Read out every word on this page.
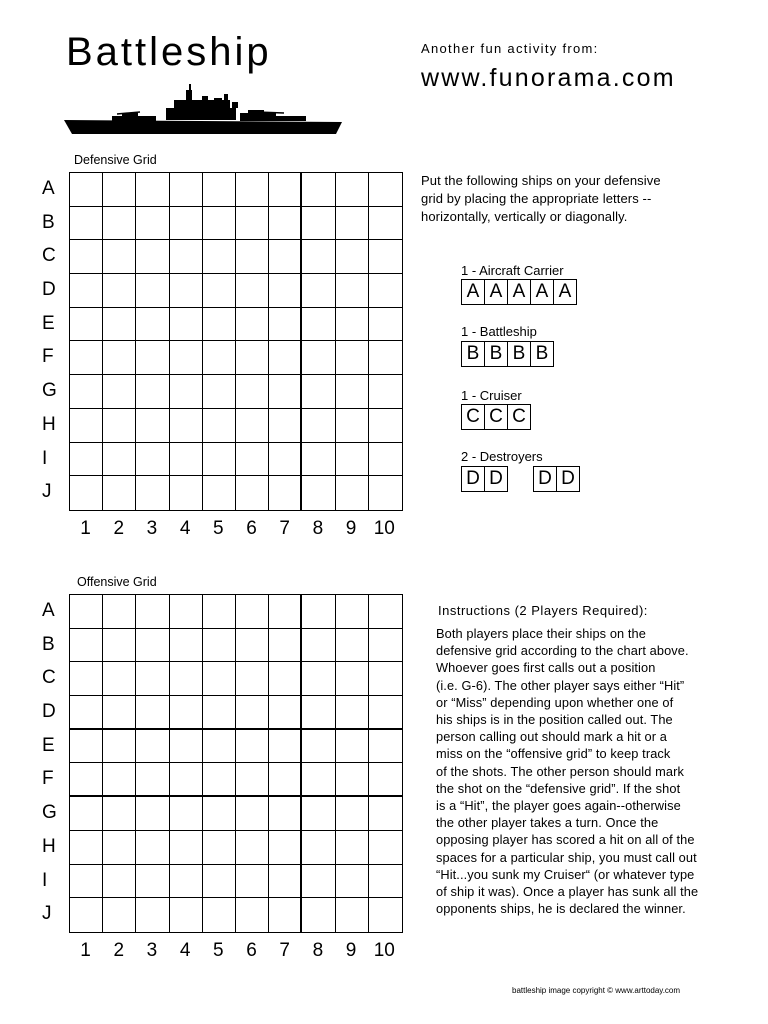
Battleship	Another fun activity from:
www.funorama.com
Defensive Grid
A
B
C
D
E
F
G
H
I
J
1	2	3	4	5	6	7	8	9 10
Put the following ships on your defensive grid by placing the appropriate letters -- horizontally, vertically or diagonally.
1 - Aircraft Carrier
A A A A A
1 - Battleship
B B B B
1 - Cruiser
C C C
2 - Destroyers
D D D D
Offensive Grid
A
B
C
D
E
F
G
H
I
J
1	2	3	4	5	6	7	8	9 10
Instructions (2 Players Required):
Both players place their ships on the
defensive grid according to the chart above.
Whoever goes first calls out a position
(i.e. G-6). The other player says either “Hit”
or “Miss” depending upon whether one of
his ships is in the position called out. The
person calling out should mark a hit or a
miss on the “offensive grid” to keep track
of the shots. The other person should mark
the shot on the “defensive grid”. If the shot
is a “Hit”, the player goes again--otherwise
the other player takes a turn. Once the
opposing player has scored a hit on all of the
spaces for a particular ship, you must call out
“Hit...you sunk my Cruiser“ (or whatever type
of ship it was). Once a player has sunk all the
opponents ships, he is declared the winner.
battleship image copyright © www.arttoday.com
